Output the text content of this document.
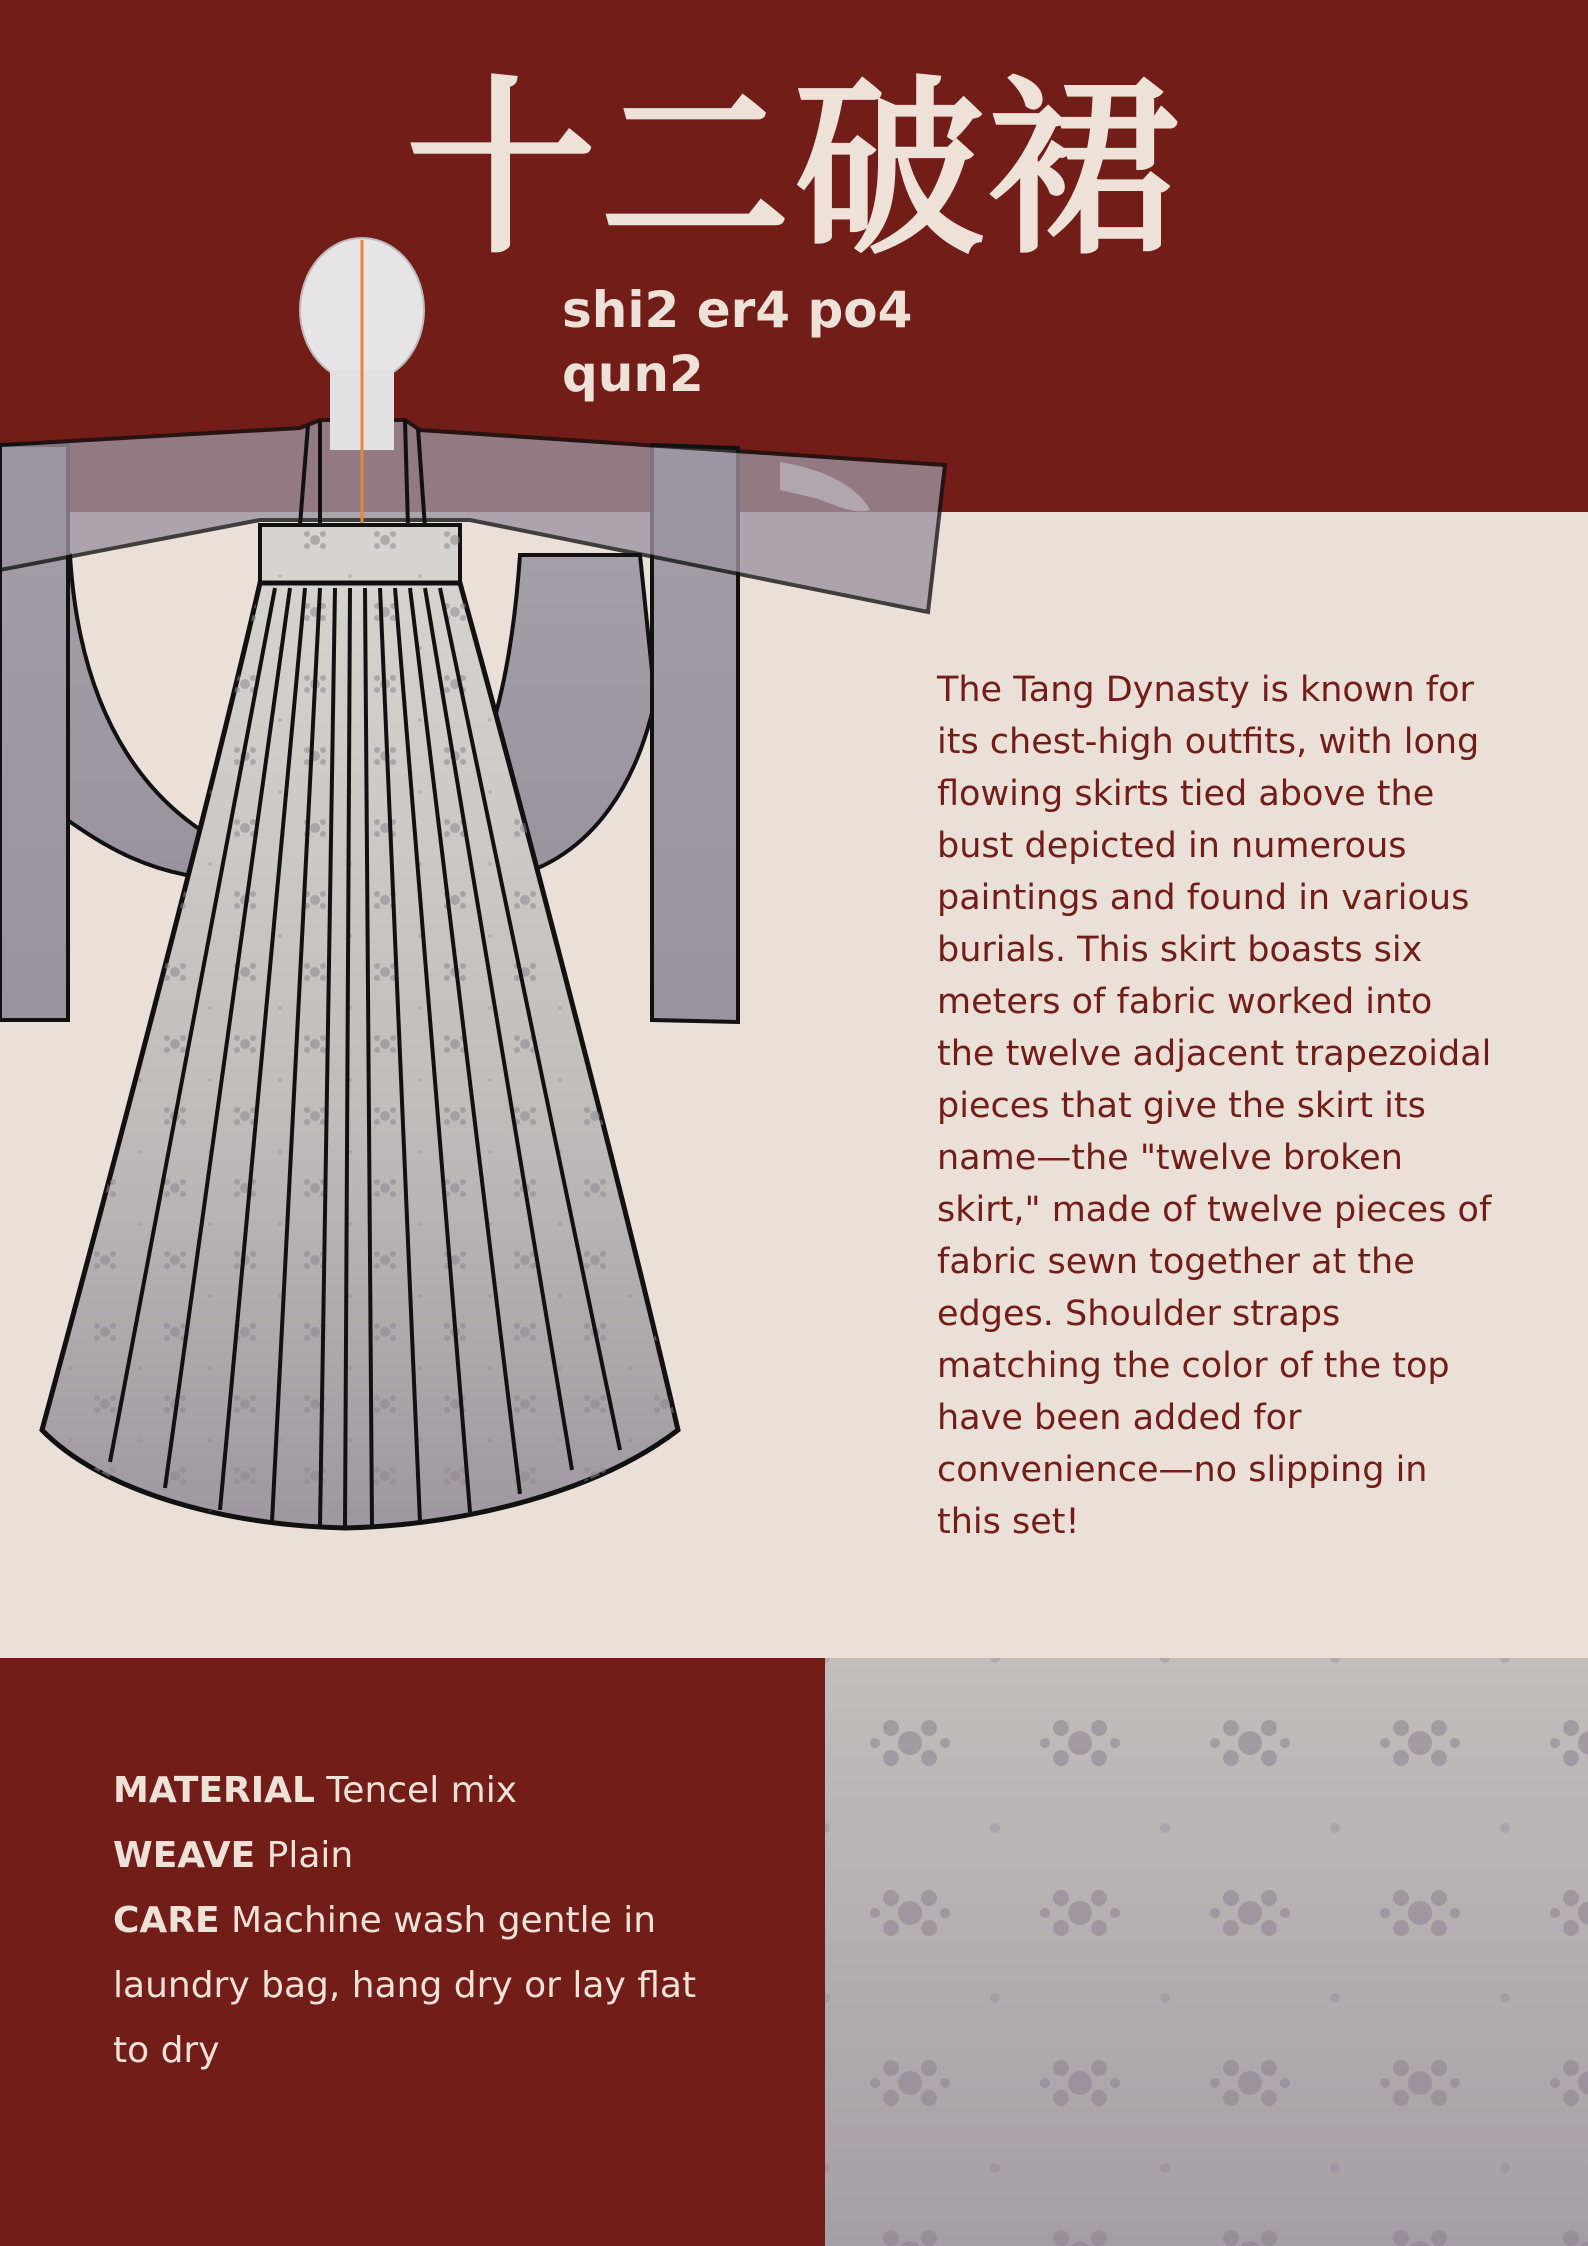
十二破裙
shi2 er4 po4 qun2

The Tang Dynasty is known for its chest-high outfits, with long flowing skirts tied above the bust depicted in numerous paintings and found in various burials. This skirt boasts six meters of fabric worked into the twelve adjacent trapezoidal pieces that give the skirt its name—the "twelve broken skirt," made of twelve pieces of fabric sewn together at the edges. Shoulder straps matching the color of the top have been added for convenience—no slipping in this set!

MATERIAL Tencel mix
WEAVE Plain
CARE Machine wash gentle in laundry bag, hang dry or lay flat to dry
